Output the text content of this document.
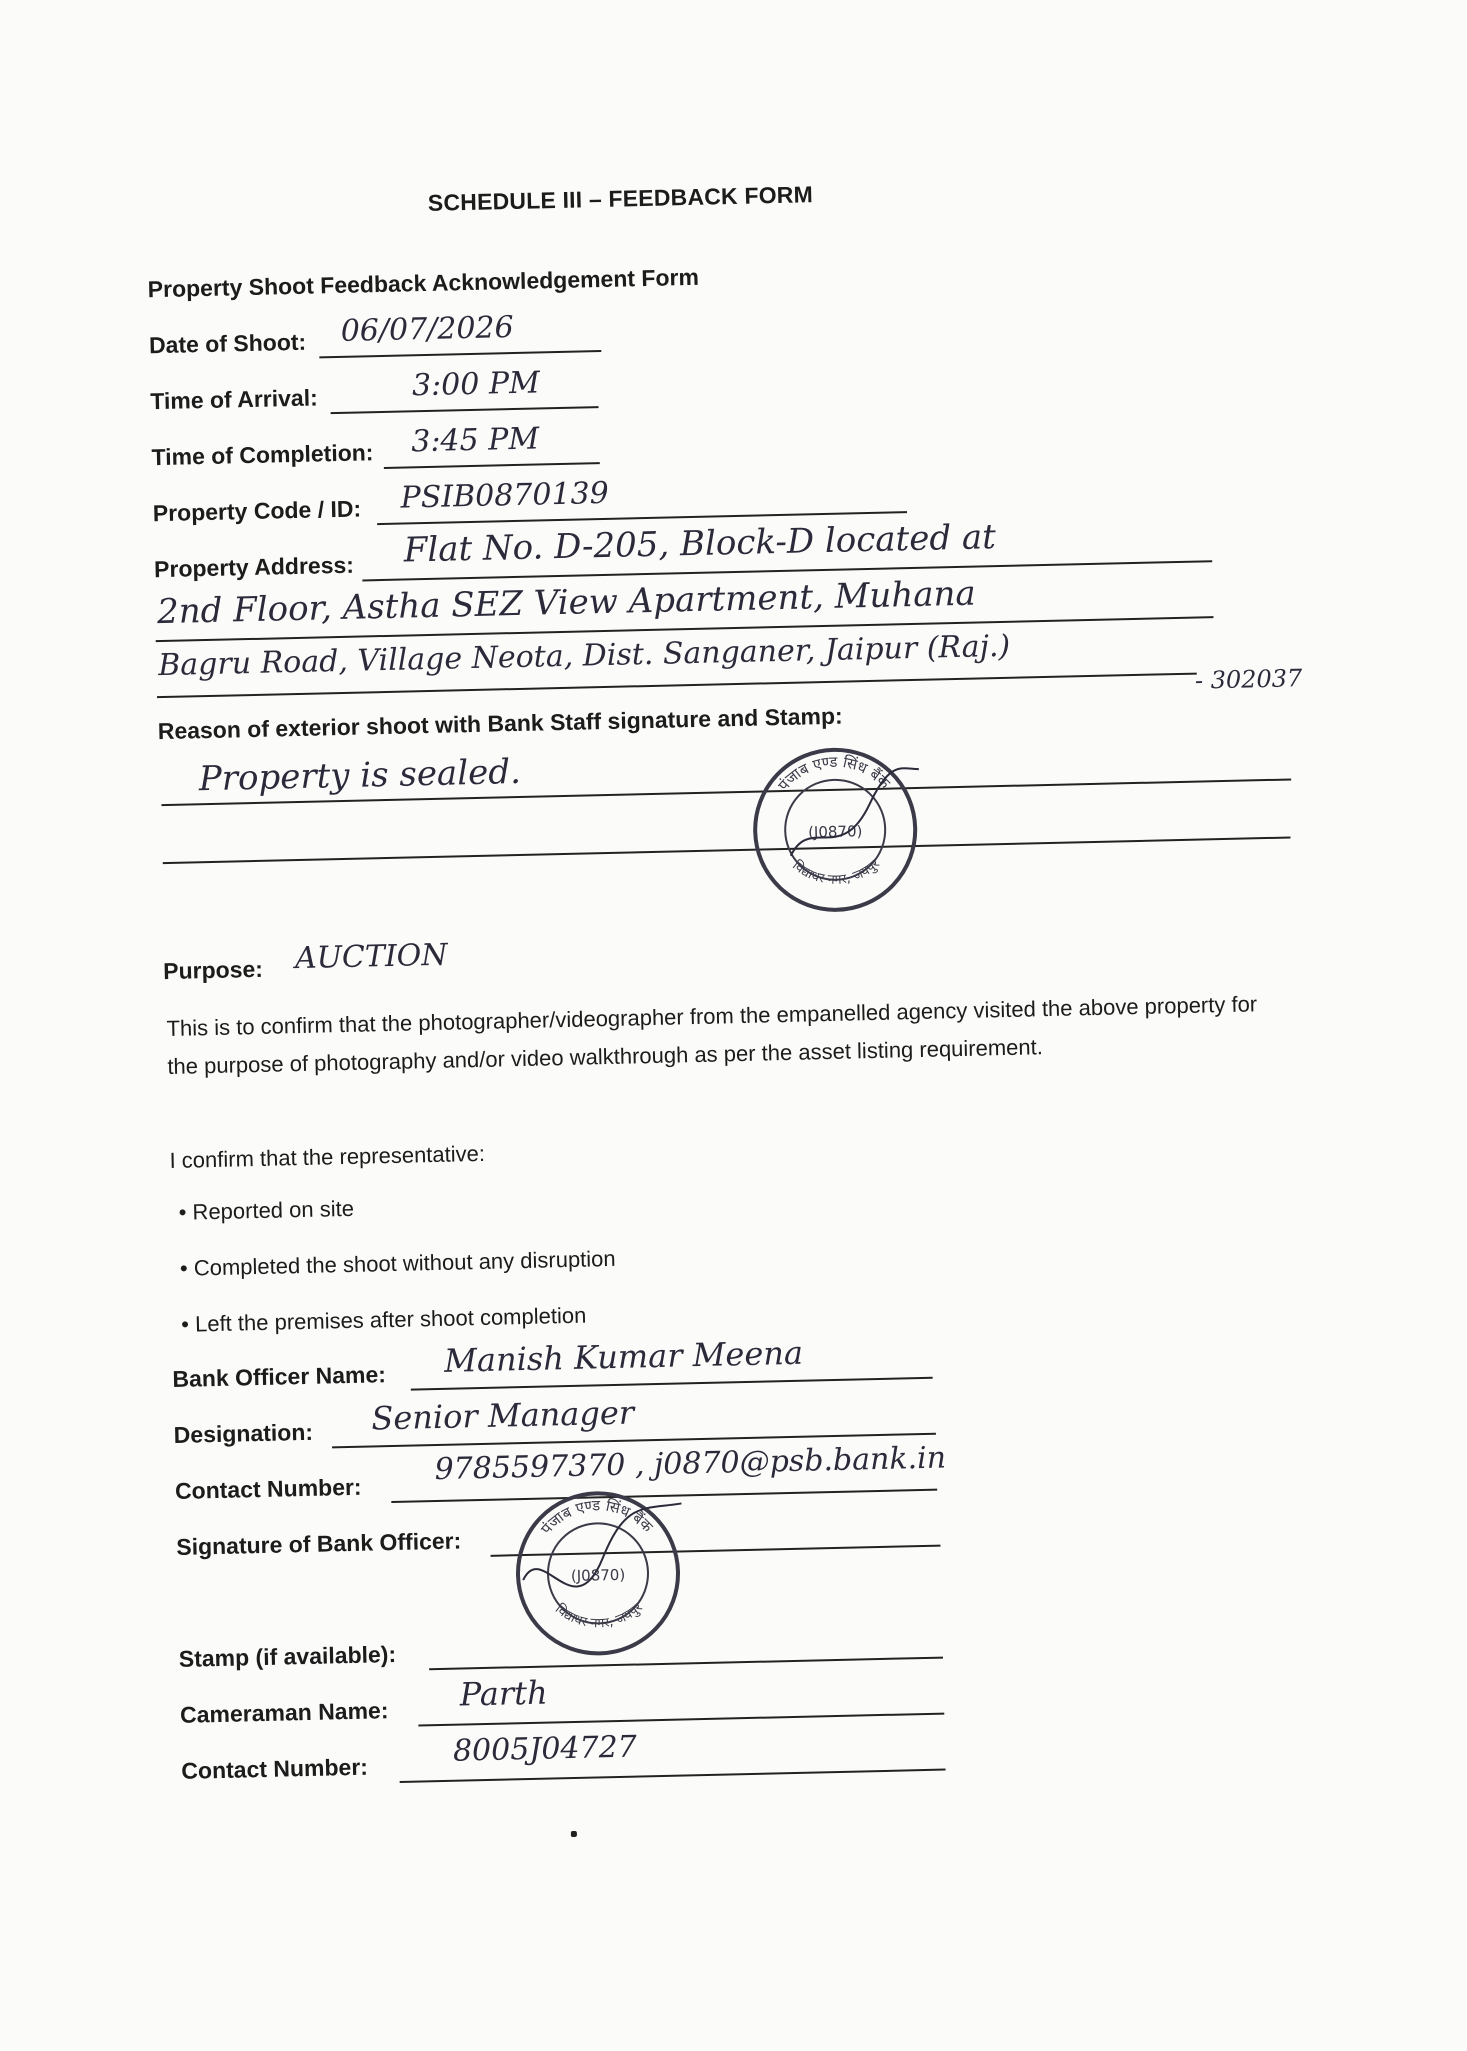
SCHEDULE III – FEEDBACK FORM
Property Shoot Feedback Acknowledgement Form
Date of Shoot: 06/07/2026
Time of Arrival:	3:00 PM
Time of Completion: 3:45 PM
Property Code / ID: PSIB0870139
Property Address: Flat No. D-205, Block-D located at
2nd Floor, Astha SEZ View Apartment, Muhana
Bagru Road, Village Neota, Dist. Sanganer, Jaipur (Raj.)	- 302037
Reason of exterior shoot with Bank Staff signature and Stamp:
Property is sealed.
Purpose: AUCTION
This is to confirm that the photographer/videographer from the empanelled agency visited the above property for the purpose of photography and/or video walkthrough as per the asset listing requirement.
I confirm that the representative:
• Reported on site
• Completed the shoot without any disruption
• Left the premises after shoot completion
Bank Officer Name: Manish Kumar Meena
Designation: Senior Manager
Contact Number:
9785597370 , j0870@psb.bank.in
Signature of Bank Officer:
Stamp (if available):
Cameraman Name: Parth
Contact Number:
8005J04727
पंजाब एण्ड सिंध बैंक
विद्याधर नगर, जयपुर
(J0870)
पंजाब एण्ड सिंध बैंक
विद्याधर नगर, जयपुर
(J0870)
